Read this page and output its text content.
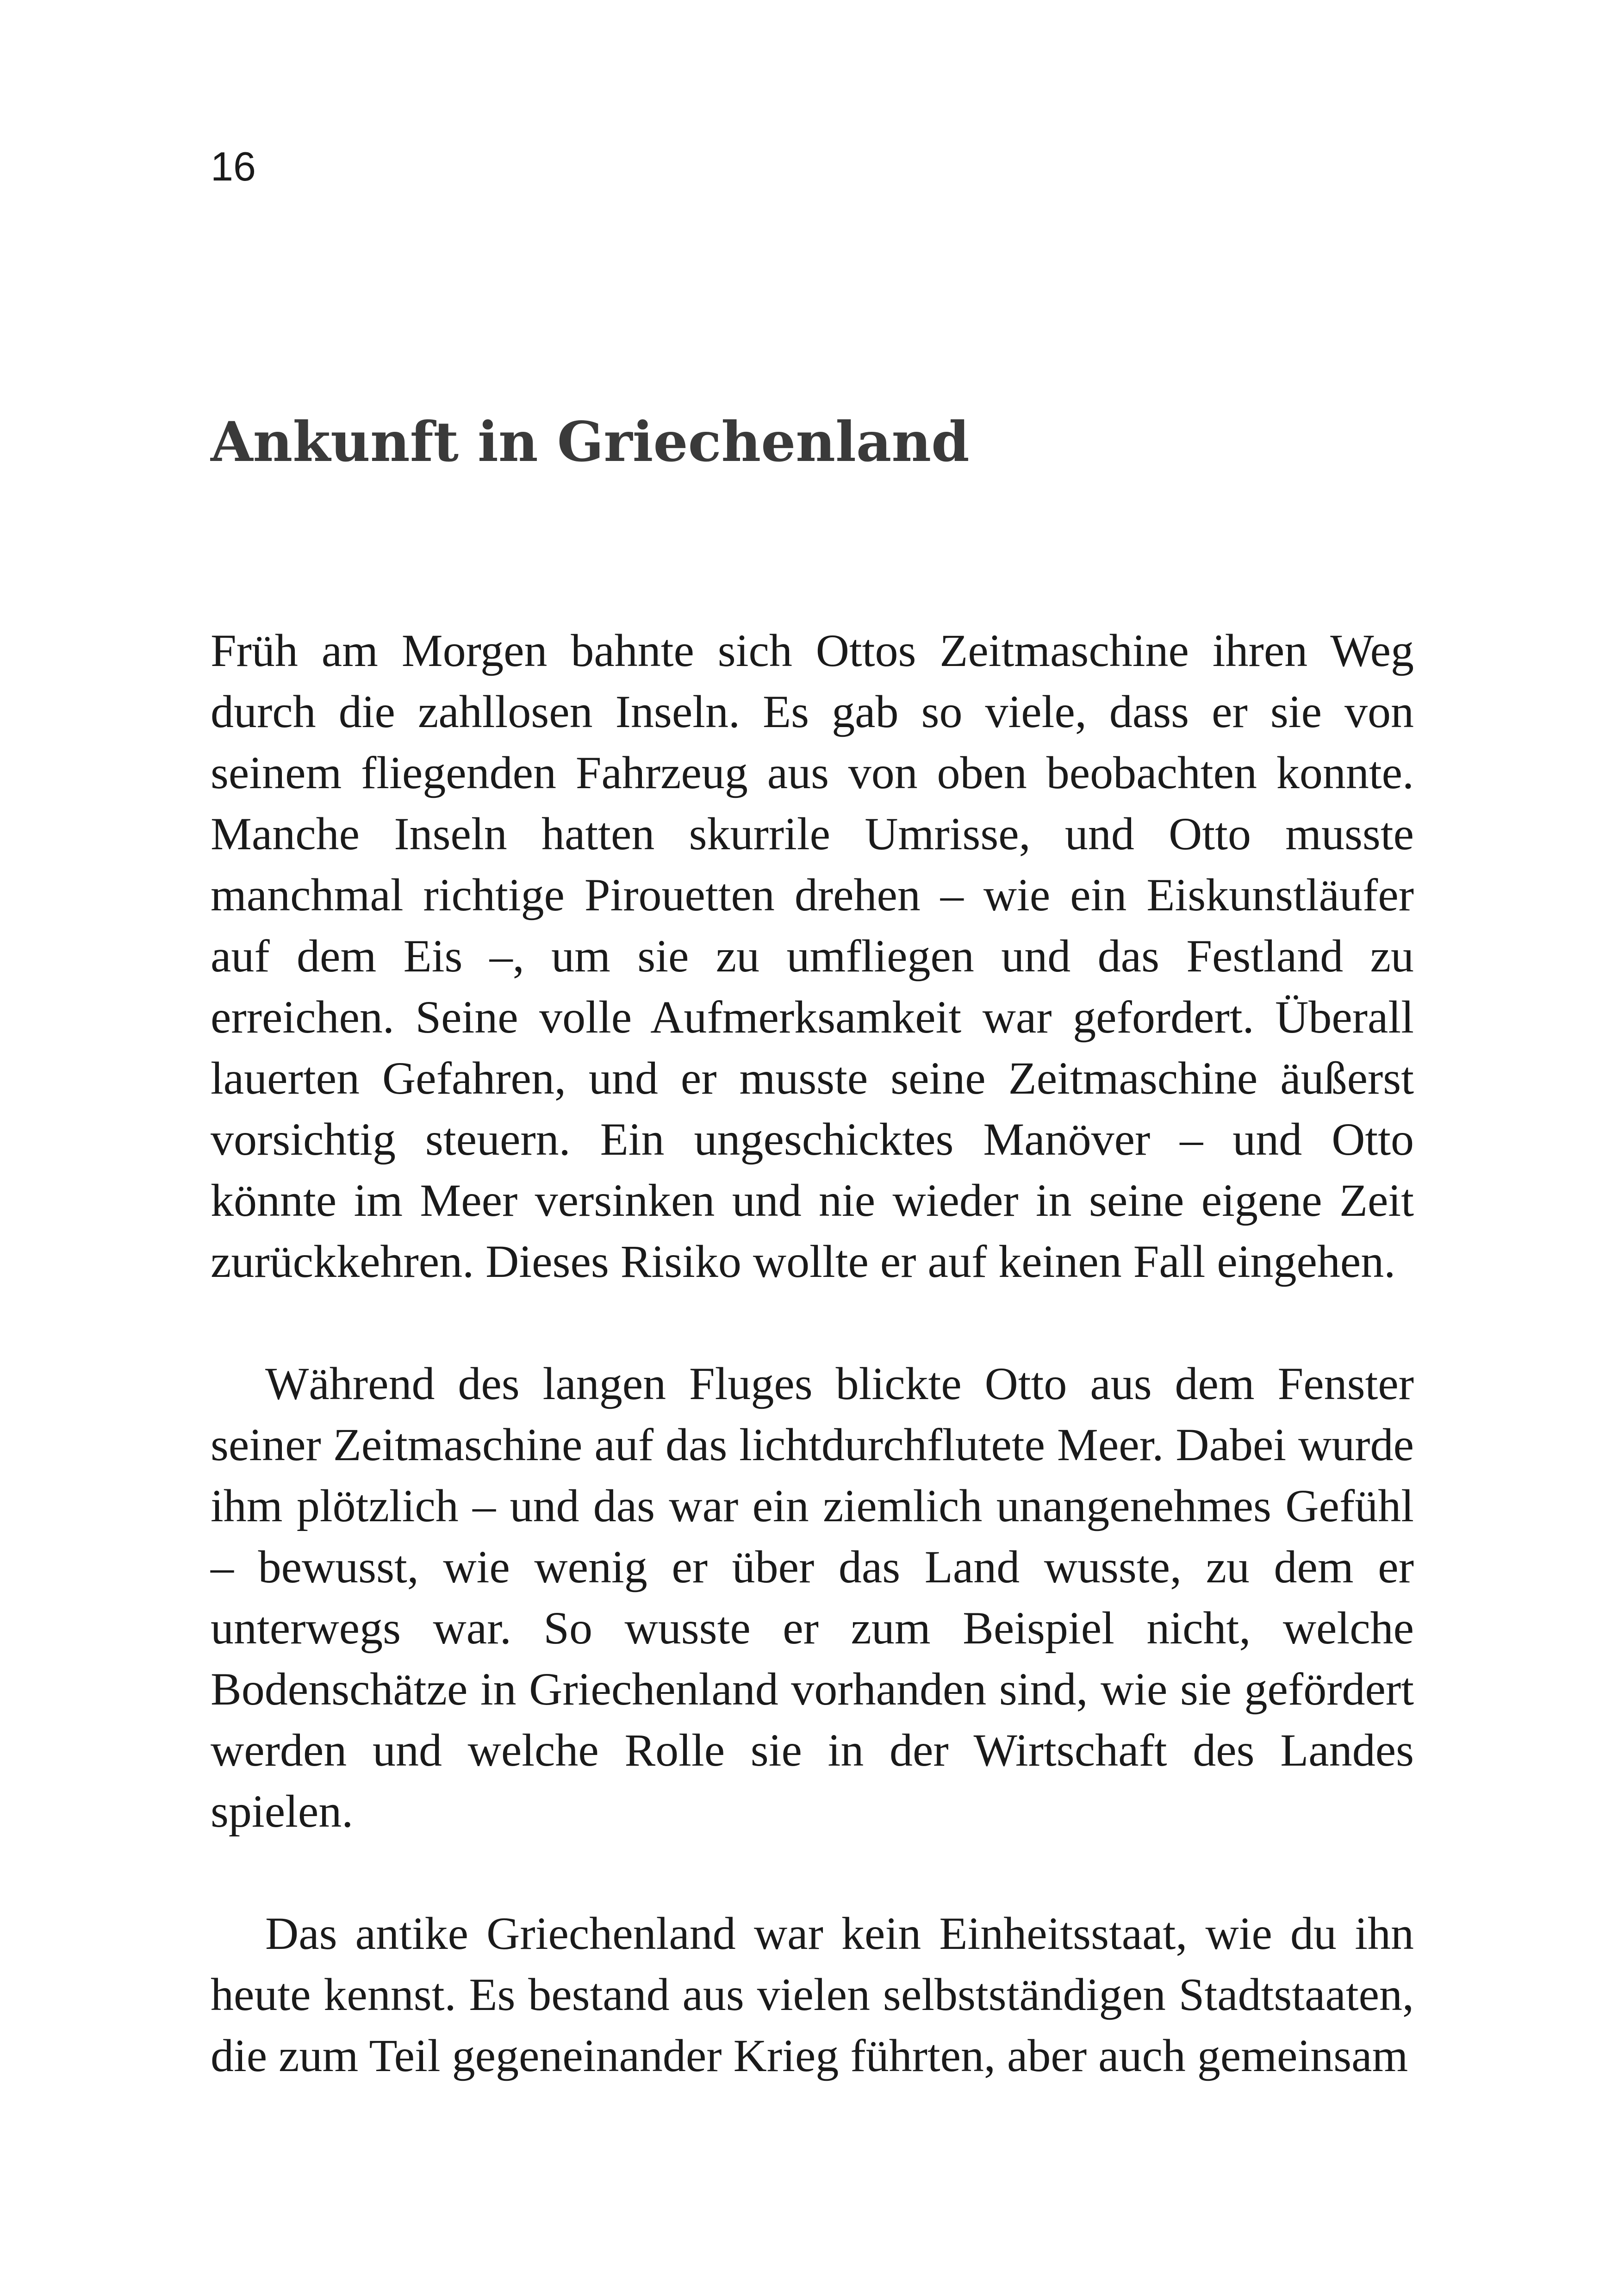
16
Ankunft in Griechenland

Früh am Morgen bahnte sich Ottos Zeitmaschine ihren Weg durch die zahllosen Inseln. Es gab so viele, dass er sie von seinem fliegenden Fahrzeug aus von oben beobachten konnte. Manche Inseln hatten skurrile Umrisse, und Otto musste manchmal richtige Pirouetten drehen – wie ein Eiskunstläufer auf dem Eis –, um sie zu umfliegen und das Festland zu erreichen. Seine volle Aufmerksamkeit war gefordert. Überall lauerten Gefahren, und er musste seine Zeitmaschine äußerst vorsichtig steuern. Ein ungeschicktes Manöver – und Otto könnte im Meer versinken und nie wieder in seine eigene Zeit zurückkehren. Dieses Risiko wollte er auf keinen Fall eingehen.

Während des langen Fluges blickte Otto aus dem Fenster seiner Zeitmaschine auf das lichtdurchflutete Meer. Dabei wurde ihm plötzlich – und das war ein ziemlich unangenehmes Gefühl – bewusst, wie wenig er über das Land wusste, zu dem er unterwegs war. So wusste er zum Beispiel nicht, welche Bodenschätze in Griechenland vorhanden sind, wie sie gefördert werden und welche Rolle sie in der Wirtschaft des Landes spielen.

Das antike Griechenland war kein Einheitsstaat, wie du ihn heute kennst. Es bestand aus vielen selbstständigen Stadtstaaten, die zum Teil gegeneinander Krieg führten, aber auch gemeinsam
